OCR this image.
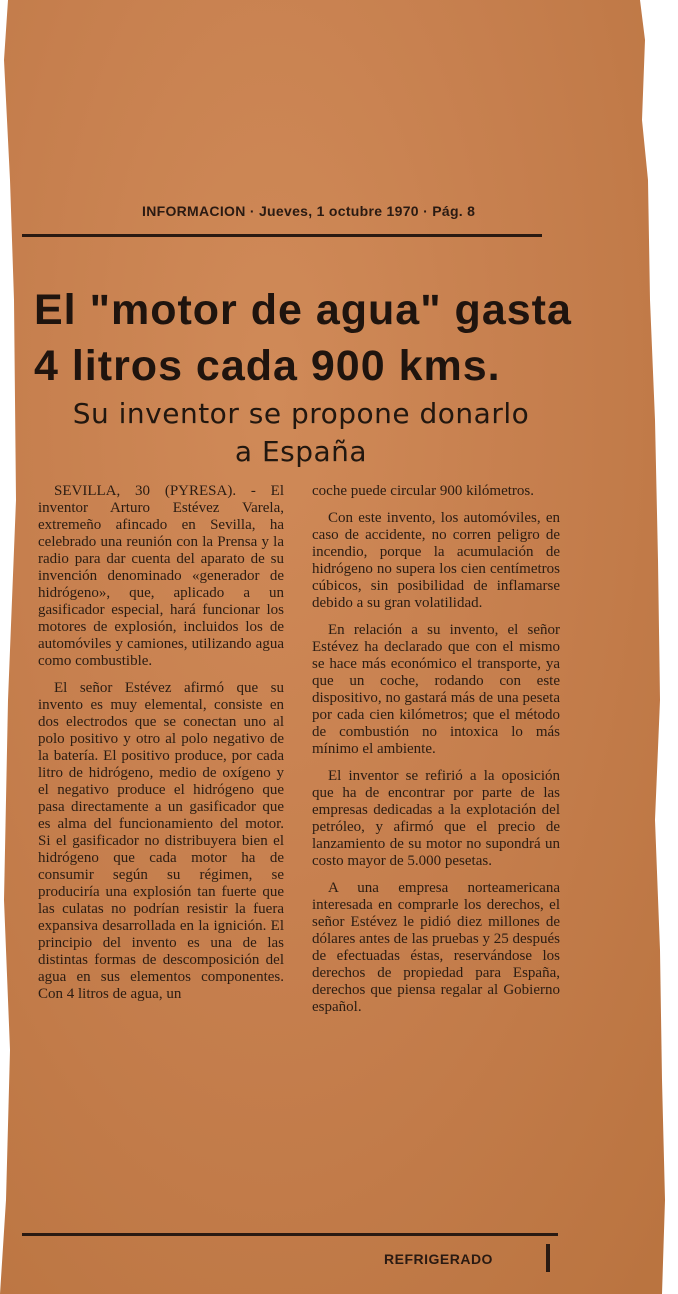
INFORMACION · Jueves, 1 octubre 1970 · Pág. 8
El "motor de agua" gasta
4 litros cada 900 kms.
Su inventor se propone donarlo
a España

SEVILLA, 30 (PYRESA). - El inventor Arturo Estévez Varela, extremeño afincado en Sevilla, ha celebrado una reunión con la Prensa y la radio para dar cuenta del aparato de su invención denominado «generador de hidrógeno», que, aplicado a un gasificador especial, hará funcionar los motores de explosión, incluidos los de automóviles y camiones, utilizando agua como combustible.

El señor Estévez afirmó que su invento es muy elemental, consiste en dos electrodos que se conectan uno al polo positivo y otro al polo negativo de la batería. El positivo produce, por cada litro de hidrógeno, medio de oxígeno y el negativo produce el hidrógeno que pasa directamente a un gasificador que es alma del funcionamiento del motor. Si el gasificador no distribuyera bien el hidrógeno que cada motor ha de consumir según su régimen, se produciría una explosión tan fuerte que las culatas no podrían resistir la fuera expansiva desarrollada en la ignición. El principio del invento es una de las distintas formas de descomposición del agua en sus elementos componentes. Con 4 litros de agua, un

coche puede circular 900 kilómetros.

Con este invento, los automóviles, en caso de accidente, no corren peligro de incendio, porque la acumulación de hidrógeno no supera los cien centímetros cúbicos, sin posibilidad de inflamarse debido a su gran volatilidad.

En relación a su invento, el señor Estévez ha declarado que con el mismo se hace más económico el transporte, ya que un coche, rodando con este dispositivo, no gastará más de una peseta por cada cien kilómetros; que el método de combustión no intoxica lo más mínimo el ambiente.

El inventor se refirió a la oposición que ha de encontrar por parte de las empresas dedicadas a la explotación del petróleo, y afirmó que el precio de lanzamiento de su motor no supondrá un costo mayor de 5.000 pesetas.

A una empresa norteamericana interesada en comprarle los derechos, el señor Estévez le pidió diez millones de dólares antes de las pruebas y 25 después de efectuadas éstas, reservándose los derechos de propiedad para España, derechos que piensa regalar al Gobierno español.

REFRIGERADO
